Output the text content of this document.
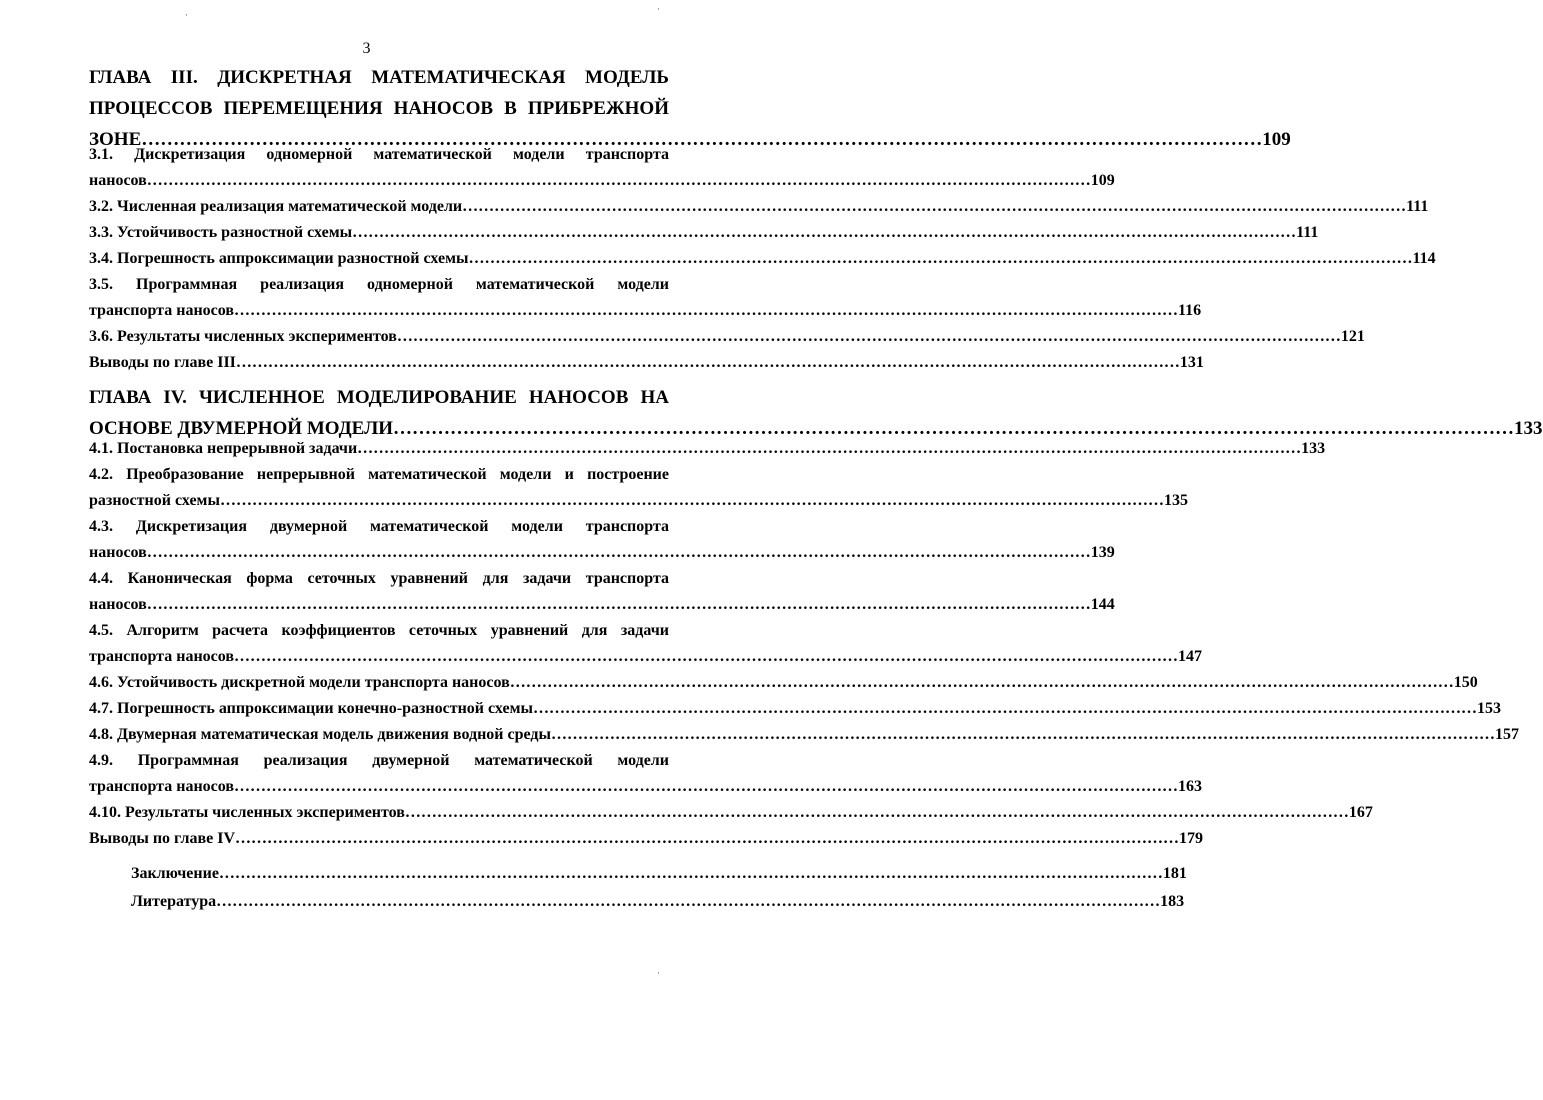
3
ГЛАВА III. ДИСКРЕТНАЯ МАТЕМАТИЧЕСКАЯ МОДЕЛЬ
ПРОЦЕССОВ ПЕРЕМЕЩЕНИЯ НАНОСОВ В ПРИБРЕЖНОЙ
ЗОНЕ …………………………………………………………………………………………………………………………………………………………… 109
3.1. Дискретизация одномерной математической модели транспорта
наносов …………………………………………………………………………………………………………………………………………………………… 109
3.2. Численная реализация математической модели …………………………………………………………………………………………………………………………………………………………… 111
3.3. Устойчивость разностной схемы …………………………………………………………………………………………………………………………………………………………… 111
3.4. Погрешность аппроксимации разностной схемы …………………………………………………………………………………………………………………………………………………………… 114
3.5. Программная реализация одномерной математической модели
транспорта наносов …………………………………………………………………………………………………………………………………………………………… 116
3.6. Результаты численных экспериментов …………………………………………………………………………………………………………………………………………………………… 121
Выводы по главе III …………………………………………………………………………………………………………………………………………………………… 131
ГЛАВА IV. ЧИСЛЕННОЕ МОДЕЛИРОВАНИЕ НАНОСОВ НА
ОСНОВЕ ДВУМЕРНОЙ МОДЕЛИ …………………………………………………………………………………………………………………………………………………………… 133
4.1. Постановка непрерывной задачи …………………………………………………………………………………………………………………………………………………………… 133
4.2. Преобразование непрерывной математической модели и построение
разностной схемы …………………………………………………………………………………………………………………………………………………………… 135
4.3. Дискретизация двумерной математической модели транспорта
наносов …………………………………………………………………………………………………………………………………………………………… 139
4.4. Каноническая форма сеточных уравнений для задачи транспорта
наносов …………………………………………………………………………………………………………………………………………………………… 144
4.5. Алгоритм расчета коэффициентов сеточных уравнений для задачи
транспорта наносов …………………………………………………………………………………………………………………………………………………………… 147
4.6. Устойчивость дискретной модели транспорта наносов …………………………………………………………………………………………………………………………………………………………… 150
4.7. Погрешность аппроксимации конечно-разностной схемы …………………………………………………………………………………………………………………………………………………………… 153
4.8. Двумерная математическая модель движения водной среды …………………………………………………………………………………………………………………………………………………………… 157
4.9. Программная реализация двумерной математической модели
транспорта наносов …………………………………………………………………………………………………………………………………………………………… 163
4.10. Результаты численных экспериментов …………………………………………………………………………………………………………………………………………………………… 167
Выводы по главе IV …………………………………………………………………………………………………………………………………………………………… 179
Заключение …………………………………………………………………………………………………………………………………………………………… 181
Литература …………………………………………………………………………………………………………………………………………………………… 183
·
·
·
